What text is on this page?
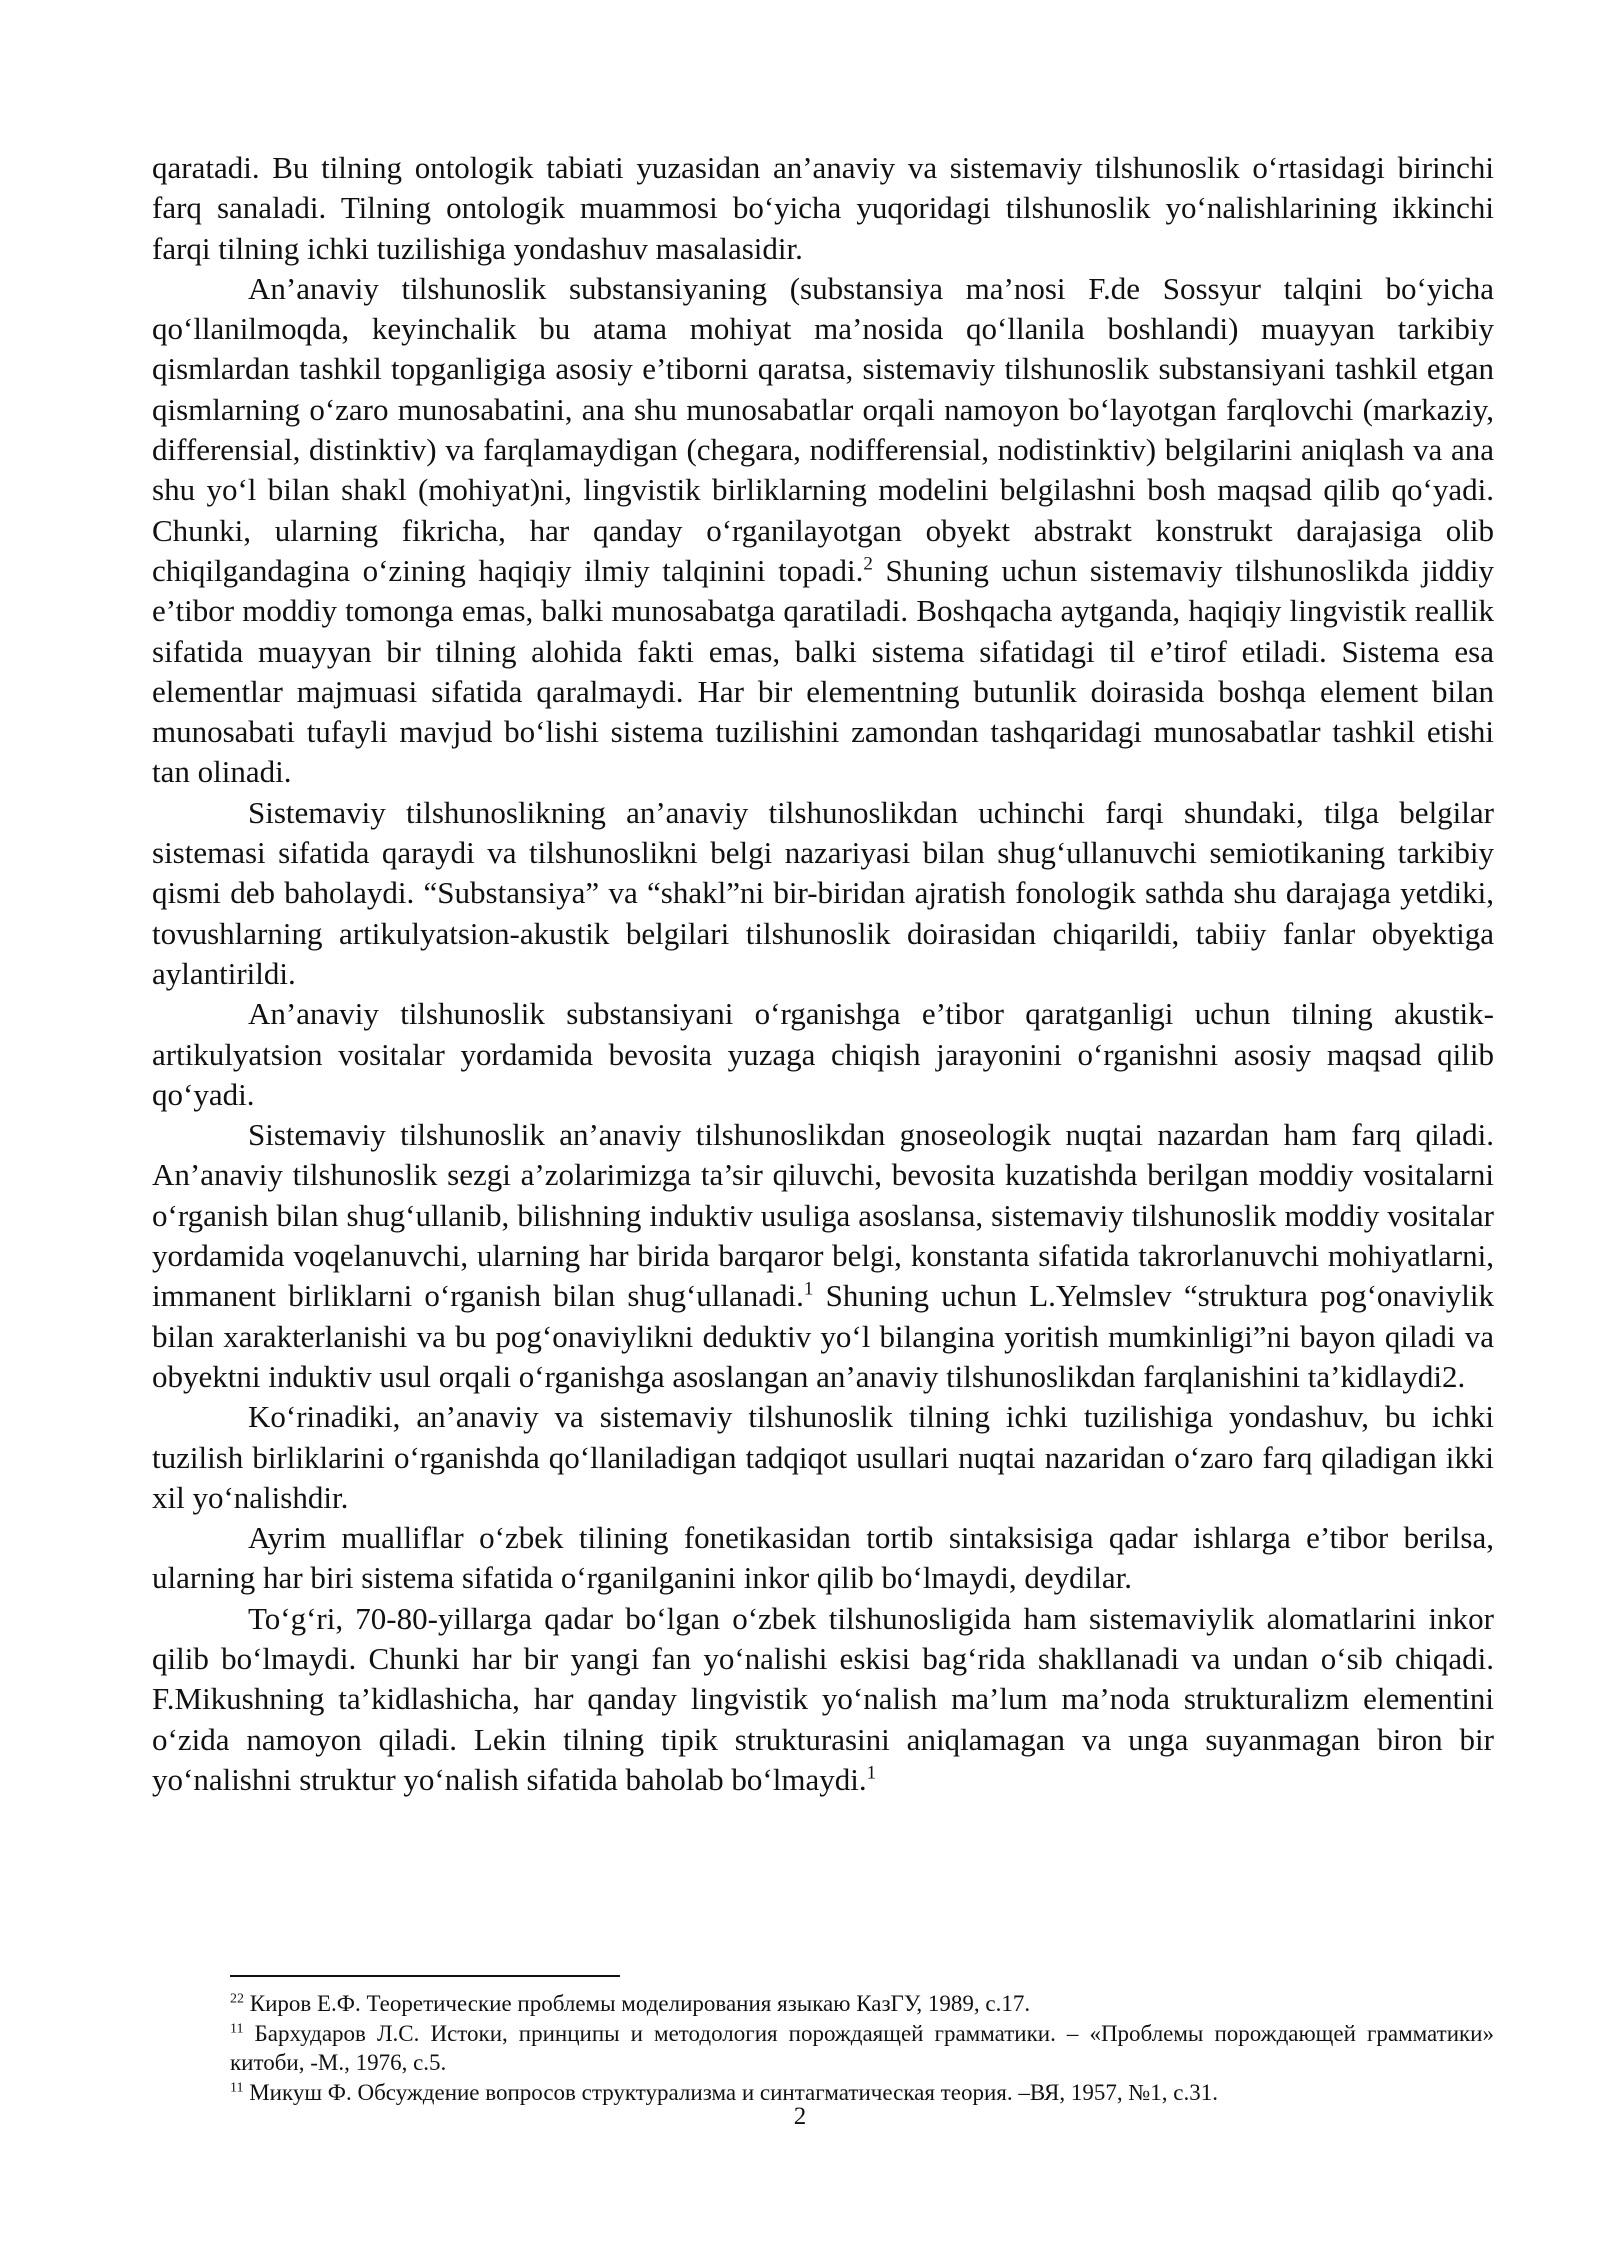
qaratadi. Bu tilning ontologik tabiati yuzasidan an’anaviy va sistemaviy tilshunoslik o‘rtasidagi birinchi farq sanaladi. Tilning ontologik muammosi bo‘yicha yuqoridagi tilshunoslik yo‘nalishlarining ikkinchi farqi tilning ichki tuzilishiga yondashuv masalasidir.

An’anaviy tilshunoslik substansiyaning (substansiya ma’nosi F.de Sossyur talqini bo‘yicha qo‘llanilmoqda, keyinchalik bu atama mohiyat ma’nosida qo‘llanila boshlandi) muayyan tarkibiy qismlardan tashkil topganligiga asosiy e’tiborni qaratsa, sistemaviy tilshunoslik substansiyani tashkil etgan qismlarning o‘zaro munosabatini, ana shu munosabatlar orqali namoyon bo‘layotgan farqlovchi (markaziy, differensial, distinktiv) va farqlamaydigan (chegara, nodifferensial, nodistinktiv) belgilarini aniqlash va ana shu yo‘l bilan shakl (mohiyat)ni, lingvistik birliklarning modelini belgilashni bosh maqsad qilib qo‘yadi. Chunki, ularning fikricha, har qanday o‘rganilayotgan obyekt abstrakt konstrukt darajasiga olib chiqilgandagina o‘zining haqiqiy ilmiy talqinini topadi.$^2$ Shuning uchun sistemaviy tilshunoslikda jiddiy e’tibor moddiy tomonga emas, balki munosabatga qaratiladi. Boshqacha aytganda, haqiqiy lingvistik reallik sifatida muayyan bir tilning alohida fakti emas, balki sistema sifatidagi til e’tirof etiladi. Sistema esa elementlar majmuasi sifatida qaralmaydi. Har bir elementning butunlik doirasida boshqa element bilan munosabati tufayli mavjud bo‘lishi sistema tuzilishini zamondan tashqaridagi munosabatlar tashkil etishi tan olinadi.

Sistemaviy tilshunoslikning an’anaviy tilshunoslikdan uchinchi farqi shundaki, tilga belgilar sistemasi sifatida qaraydi va tilshunoslikni belgi nazariyasi bilan shug‘ullanuvchi semiotikaning tarkibiy qismi deb baholaydi. “Substansiya” va “shakl”ni bir-biridan ajratish fonologik sathda shu darajaga yetdiki, tovushlarning artikulyatsion-akustik belgilari tilshunoslik doirasidan chiqarildi, tabiiy fanlar obyektiga aylantirildi.

An’anaviy tilshunoslik substansiyani o‘rganishga e’tibor qaratganligi uchun tilning akustik-artikulyatsion vositalar yordamida bevosita yuzaga chiqish jarayonini o‘rganishni asosiy maqsad qilib qo‘yadi.

Sistemaviy tilshunoslik an’anaviy tilshunoslikdan gnoseologik nuqtai nazardan ham farq qiladi. An’anaviy tilshunoslik sezgi a’zolarimizga ta’sir qiluvchi, bevosita kuzatishda berilgan moddiy vositalarni o‘rganish bilan shug‘ullanib, bilishning induktiv usuliga asoslansa, sistemaviy tilshunoslik moddiy vositalar yordamida voqelanuvchi, ularning har birida barqaror belgi, konstanta sifatida takrorlanuvchi mohiyatlarni, immanent birliklarni o‘rganish bilan shug‘ullanadi.$^1$ Shuning uchun L.Yelmslev “struktura pog‘onaviylik bilan xarakterlanishi va bu pog‘onaviylikni deduktiv yo‘l bilangina yoritish mumkinligi”ni bayon qiladi va obyektni induktiv usul orqali o‘rganishga asoslangan an’anaviy tilshunoslikdan farqlanishini ta’kidlaydi2.

Ko‘rinadiki, an’anaviy va sistemaviy tilshunoslik tilning ichki tuzilishiga yondashuv, bu ichki tuzilish birliklarini o‘rganishda qo‘llaniladigan tadqiqot usullari nuqtai nazaridan o‘zaro farq qiladigan ikki xil yo‘nalishdir.

Ayrim mualliflar o‘zbek tilining fonetikasidan tortib sintaksisiga qadar ishlarga e’tibor berilsa, ularning har biri sistema sifatida o‘rganilganini inkor qilib bo‘lmaydi, deydilar.

To‘g‘ri, 70-80-yillarga qadar bo‘lgan o‘zbek tilshunosligida ham sistemaviylik alomatlarini inkor qilib bo‘lmaydi. Chunki har bir yangi fan yo‘nalishi eskisi bag‘rida shakllanadi va undan o‘sib chiqadi. F.Mikushning ta’kidlashicha, har qanday lingvistik yo‘nalish ma’lum ma’noda strukturalizm elementini o‘zida namoyon qiladi. Lekin tilning tipik strukturasini aniqlamagan va unga suyanmagan biron bir yo‘nalishni struktur yo‘nalish sifatida baholab bo‘lmaydi.$^1$

$^{22}$ Киров Е.Ф. Теоретические проблемы моделирования языкаю КазГУ, 1989, с.17.

$^{11}$ Бархударов Л.С. Истоки, принципы и методология порождаящей грамматики. – «Проблемы порождающей грамматики» китоби, -М., 1976, с.5.

$^{11}$ Микуш Ф. Обсуждение вопросов структурализма и синтагматическая теория. –ВЯ, 1957, №1, с.31.

2
